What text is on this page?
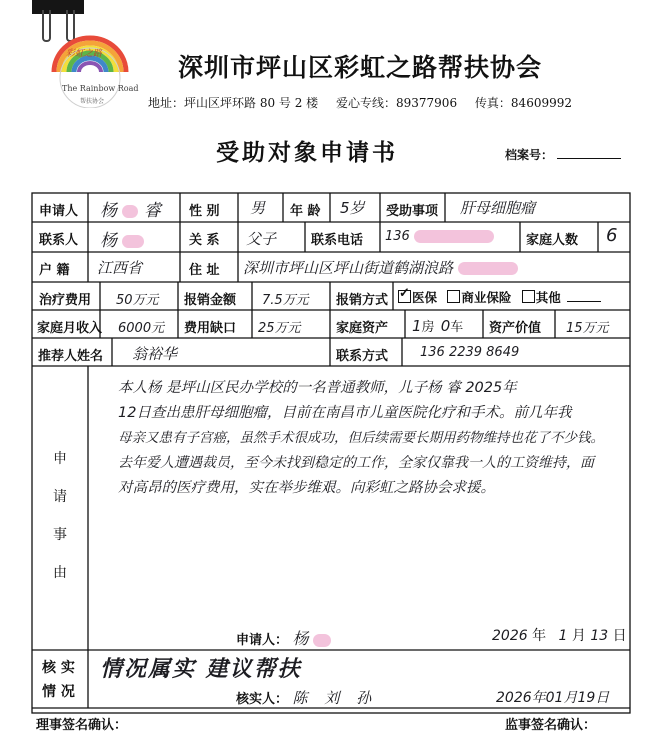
彩虹之路
The Rainbow Road
帮扶协会
深圳市坪山区彩虹之路帮扶协会
地址：坪山区坪环路 80 号 2 楼 爱心专线：89377906 传真：84609992
受助对象申请书	档案号：
申请人 杨 睿 性 别 男 年 龄 5岁 受助事项 肝母细胞瘤
联系人 杨	关 系 父子	联系电话 136	家庭人数 6
户 籍 江西省	住 址 深圳市坪山区坪山街道鹤湖浪路
治疗费用 50万元 报销金额 7.5万元 报销方式
✓	医保 商业保险 其他
家庭月收入 6000元 费用缺口 25万元	家庭资产 1房 0车 资产价值 15万元
推荐人姓名 翁裕华	联系方式 136 2239 8649
申
请
事
由

本人杨 是坪山区民办学校的一名普通教师，儿子杨 睿 2025年

12日查出患肝母细胞瘤，目前在南昌市儿童医院化疗和手术。前几年我

母亲又患有子宫癌，虽然手术很成功，但后续需要长期用药物维持也花了不少钱。

去年爱人遭遇裁员，至今未找到稳定的工作，全家仅靠我一人的工资维持，面

对高昂的医疗费用，实在举步维艰。向彩虹之路协会求援。

申请人： 杨	2026 年 1 月 13 日
核 实
情 况
情况属实 建议帮扶
核实人： 陈 刘 孙	2026年01月19日
理事签名确认：	监事签名确认：
